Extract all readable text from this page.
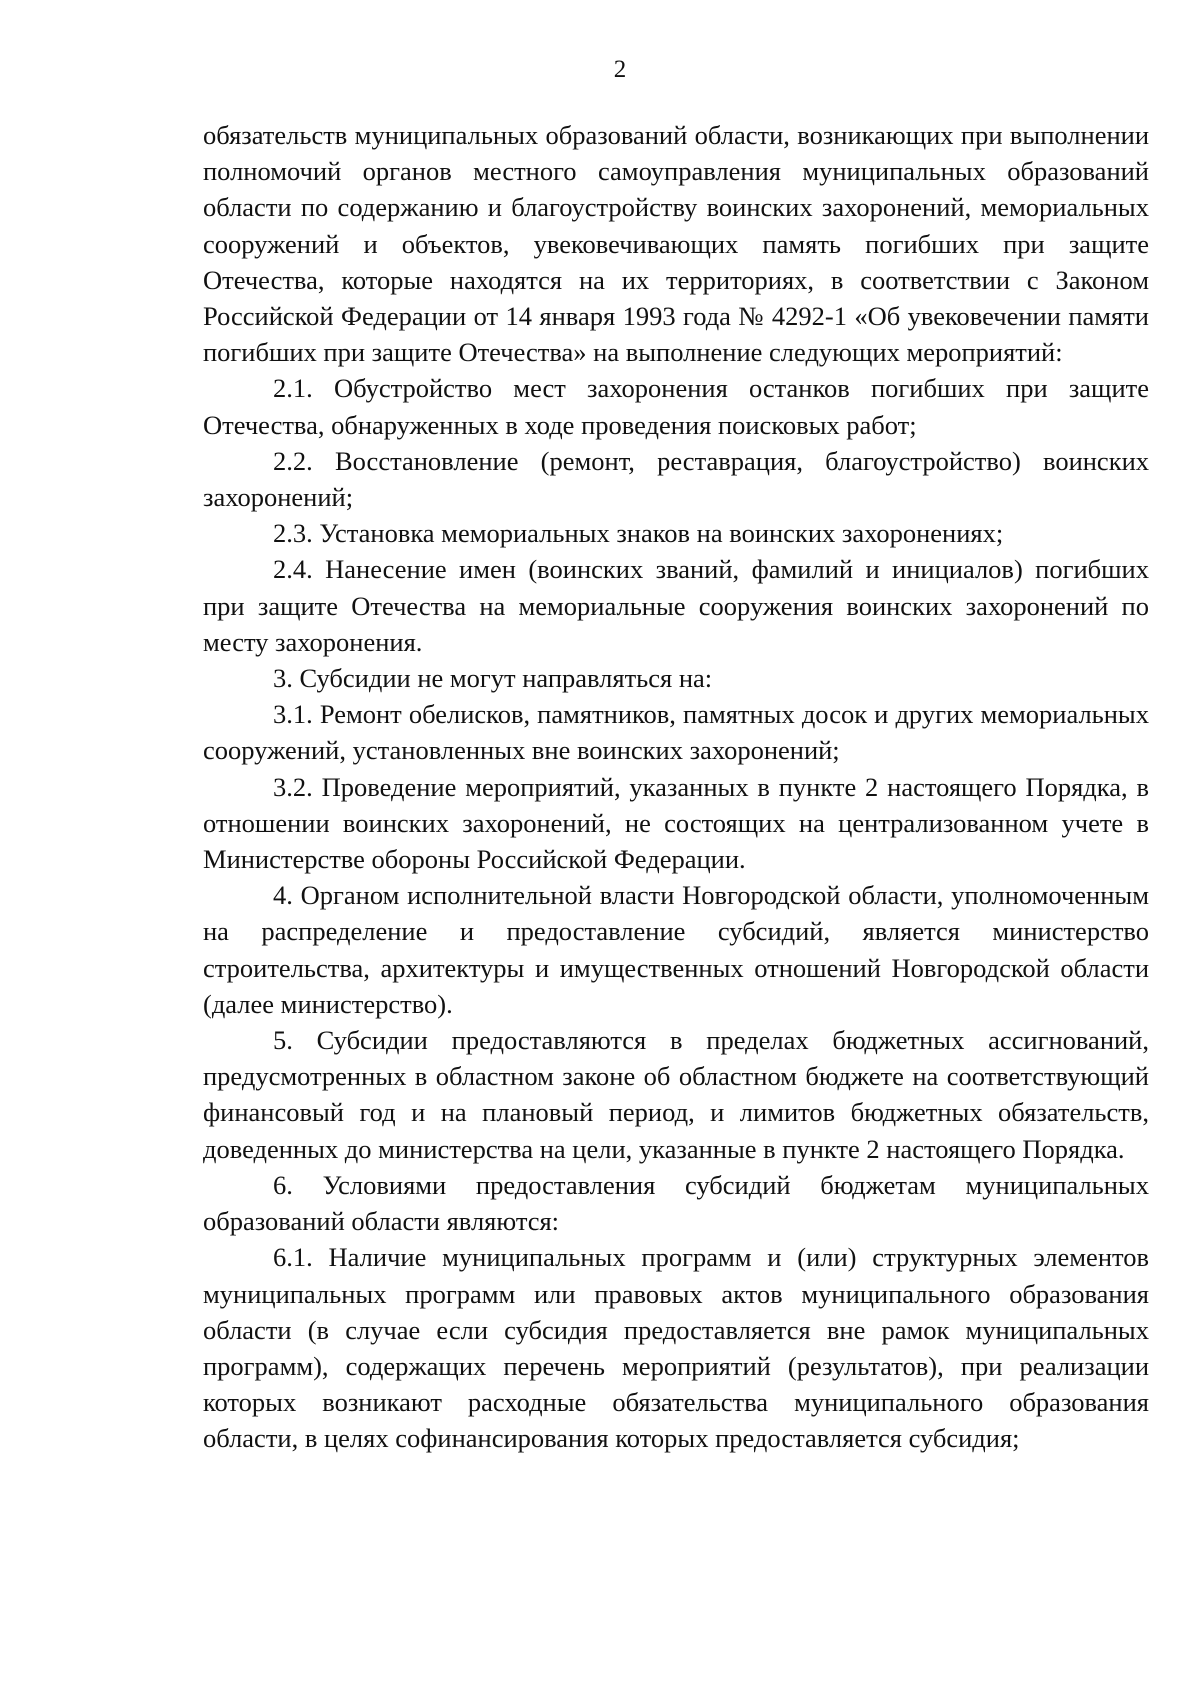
2

обязательств муниципальных образований области, возникающих при выполнении полномочий органов местного самоуправления муниципальных образований области по содержанию и благоустройству воинских захоронений, мемориальных сооружений и объектов, увековечивающих память погибших при защите Отечества, которые находятся на их территориях, в соответствии с Законом Российской Федерации от 14 января 1993 года № 4292-1 «Об увековечении памяти погибших при защите Отечества» на выполнение следующих мероприятий:

2.1. Обустройство мест захоронения останков погибших при защите Отечества, обнаруженных в ходе проведения поисковых работ;

2.2. Восстановление (ремонт, реставрация, благоустройство) воинских захоронений;

2.3. Установка мемориальных знаков на воинских захоронениях;

2.4. Нанесение имен (воинских званий, фамилий и инициалов) погибших при защите Отечества на мемориальные сооружения воинских захоронений по месту захоронения.

3. Субсидии не могут направляться на:

3.1. Ремонт обелисков, памятников, памятных досок и других мемориальных сооружений, установленных вне воинских захоронений;

3.2. Проведение мероприятий, указанных в пункте 2 настоящего Порядка, в отношении воинских захоронений, не состоящих на централизованном учете в Министерстве обороны Российской Федерации.

4. Органом исполнительной власти Новгородской области, уполномоченным на распределение и предоставление субсидий, является министерство строительства, архитектуры и имущественных отношений Новгородской области (далее министерство).

5. Субсидии предоставляются в пределах бюджетных ассигнований, предусмотренных в областном законе об областном бюджете на соответствующий финансовый год и на плановый период, и лимитов бюджетных обязательств, доведенных до министерства на цели, указанные в пункте 2 настоящего Порядка.

6. Условиями предоставления субсидий бюджетам муниципальных образований области являются:

6.1. Наличие муниципальных программ и (или) структурных элементов муниципальных программ или правовых актов муниципального образования области (в случае если субсидия предоставляется вне рамок муниципальных программ), содержащих перечень мероприятий (результатов), при реализации которых возникают расходные обязательства муниципального образования области, в целях софинансирования которых предоставляется субсидия;
